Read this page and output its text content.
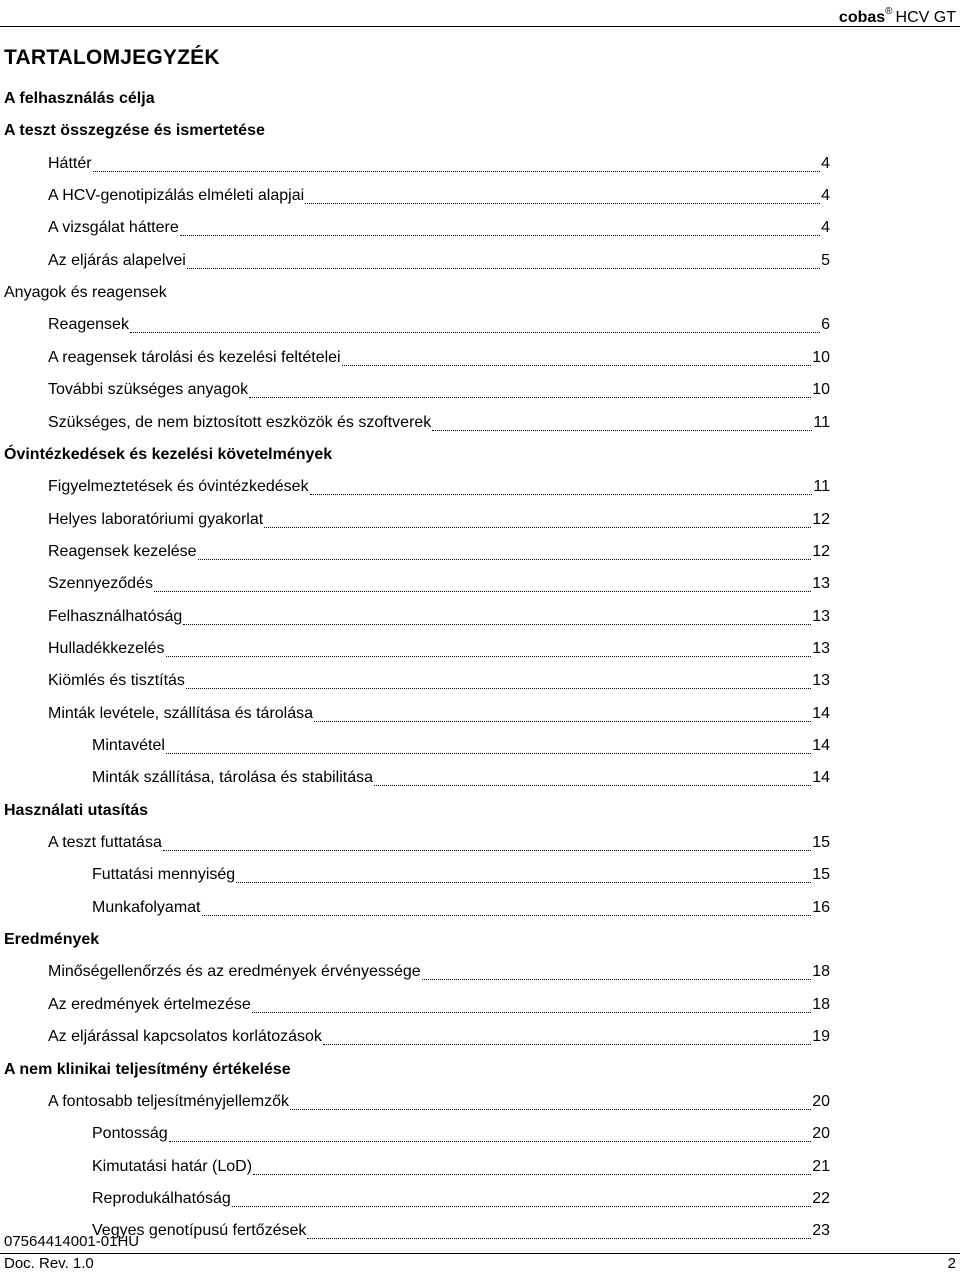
cobas® HCV GT
TARTALOMJEGYZÉK
A felhasználás célja
A teszt összegzése és ismertetése
Háttér	4
A HCV-genotipizálás elméleti alapjai	4
A vizsgálat háttere	4
Az eljárás alapelvei	5
Anyagok és reagensek
Reagensek	6
A reagensek tárolási és kezelési feltételei	10
További szükséges anyagok	10
Szükséges, de nem biztosított eszközök és szoftverek	11
Óvintézkedések és kezelési követelmények
Figyelmeztetések és óvintézkedések	11
Helyes laboratóriumi gyakorlat	12
Reagensek kezelése	12
Szennyeződés	13
Felhasználhatóság	13
Hulladékkezelés	13
Kiömlés és tisztítás	13
Minták levétele, szállítása és tárolása	14
Mintavétel	14
Minták szállítása, tárolása és stabilitása	14
Használati utasítás
A teszt futtatása	15
Futtatási mennyiség	15
Munkafolyamat	16
Eredmények
Minőségellenőrzés és az eredmények érvényessége	18
Az eredmények értelmezése	18
Az eljárással kapcsolatos korlátozások	19
A nem klinikai teljesítmény értékelése
A fontosabb teljesítményjellemzők	20
Pontosság	20
Kimutatási határ (LoD)	21
Reprodukálhatóság	22
Vegyes genotípusú fertőzések	23
07564414001-01HU
Doc. Rev. 1.0	2
